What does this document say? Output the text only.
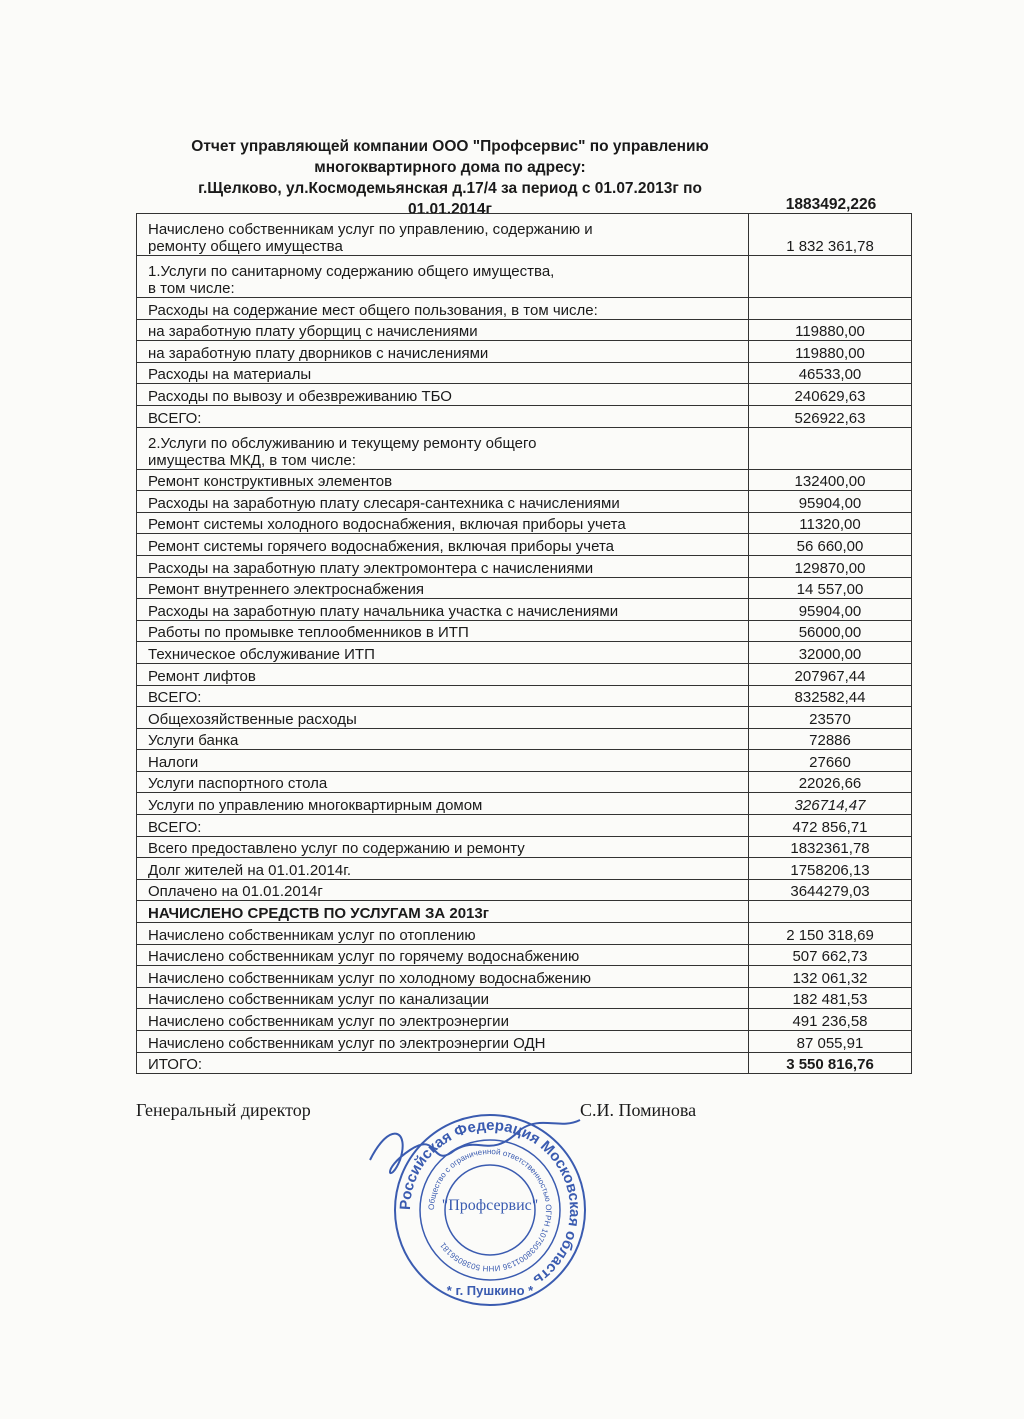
Отчет управляющей компании ООО "Профсервис" по управлению
многоквартирного дома по адресу:
г.Щелково, ул.Космодемьянская д.17/4 за период с 01.07.2013г по
01.01.2014г	1883492,226
Начислено собственникам услуг по управлению, содержанию и
ремонту общего имущества	1 832 361,78

1.Услуги по санитарному содержанию общего имущества,
в том числе:	

Расходы на содержание мест общего пользования, в том числе:	

на заработную плату уборщиц с начислениями	119880,00

на заработную плату дворников с начислениями	119880,00

Расходы на материалы	46533,00

Расходы по вывозу и обезвреживанию ТБО	240629,63

ВСЕГО:	526922,63

2.Услуги по обслуживанию и текущему ремонту общего
имущества МКД, в том числе:	

Ремонт конструктивных элементов	132400,00

Расходы на заработную плату слесаря-сантехника с начислениями	95904,00

Ремонт системы холодного водоснабжения, включая приборы учета	11320,00

Ремонт системы горячего водоснабжения, включая приборы учета	56 660,00

Расходы на заработную плату электромонтера с начислениями	129870,00

Ремонт внутреннего электроснабжения	14 557,00

Расходы на заработную плату начальника участка с начислениями	95904,00

Работы по промывке теплообменников в ИТП	56000,00

Техническое обслуживание ИТП	32000,00

Ремонт лифтов	207967,44

ВСЕГО:	832582,44

Общехозяйственные расходы	23570

Услуги банка	72886

Налоги	27660

Услуги паспортного стола	22026,66

Услуги по управлению многоквартирным домом	326714,47

ВСЕГО:	472 856,71

Всего предоставлено услуг по содержанию и ремонту	1832361,78

Долг жителей на 01.01.2014г.	1758206,13

Оплачено на 01.01.2014г	3644279,03

НАЧИСЛЕНО СРЕДСТВ ПО УСЛУГАМ ЗА 2013г	

Начислено собственникам услуг по отоплению	2 150 318,69

Начислено собственникам услуг по горячему водоснабжению	507 662,73

Начислено собственникам услуг по холодному водоснабжению	132 061,32

Начислено собственникам услуг по канализации	182 481,53

Начислено собственникам услуг по электроэнергии	491 236,58

Начислено собственникам услуг по электроэнергии ОДН	87 055,91

ИТОГО:	3 550 816,76
Генеральный директор	С.И. Поминова
Российская Федерация Московская область
Общество с ограниченной ответственностью ОГРН 1075038001136 ИНН 5038056181
"Профсервис"
* г. Пушкино *
